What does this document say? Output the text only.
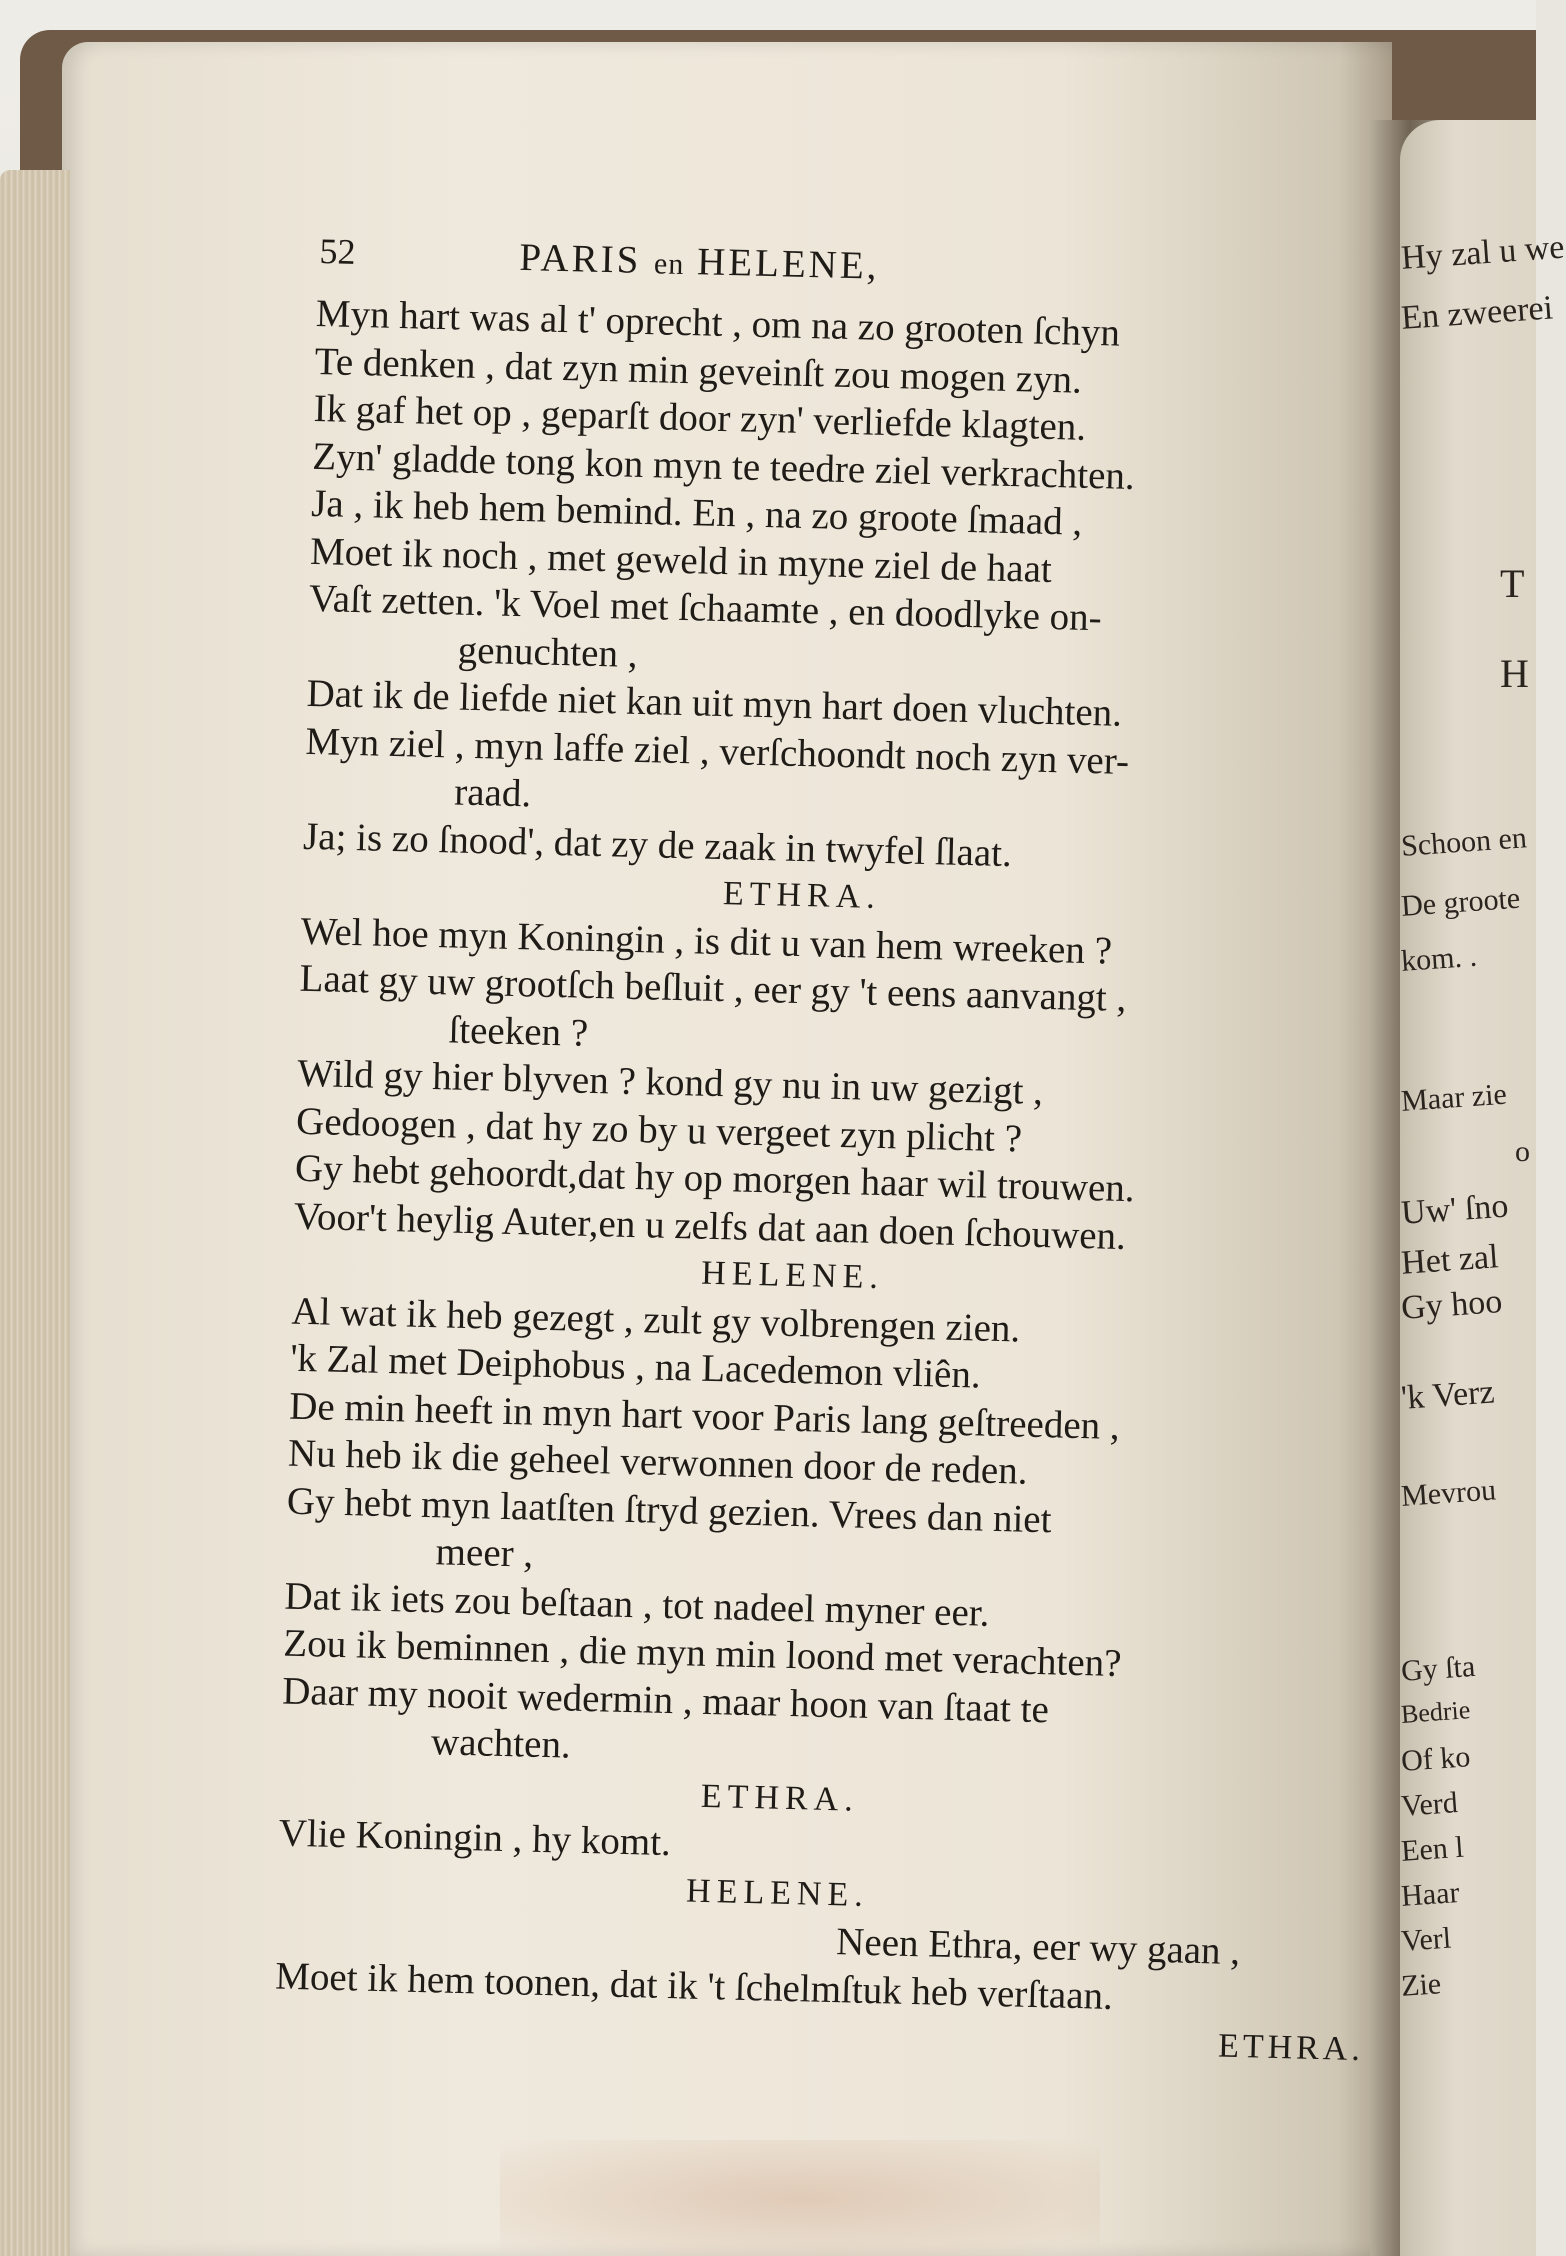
52	PARIS en HELENE,
Myn hart was al t' oprecht , om na zo grooten ſchyn
Te denken , dat zyn min geveinſt zou mogen zyn.
Ik gaf het op , geparſt door zyn' verliefde klagten.
Zyn' gladde tong kon myn te teedre ziel verkrachten.
Ja , ik heb hem bemind. En , na zo groote ſmaad ,
Moet ik noch , met geweld in myne ziel de haat
Vaſt zetten. 'k Voel met ſchaamte , en doodlyke on-
genuchten ,
Dat ik de liefde niet kan uit myn hart doen vluchten.
Myn ziel , myn laffe ziel , verſchoondt noch zyn ver-
raad.
Ja; is zo ſnood', dat zy de zaak in twyfel ſlaat.
ETHRA.
Wel hoe myn Koningin , is dit u van hem wreeken ?
Laat gy uw grootſch beſluit , eer gy 't eens aanvangt ,
ſteeken ?
Wild gy hier blyven ? kond gy nu in uw gezigt ,
Gedoogen , dat hy zo by u vergeet zyn plicht ?
Gy hebt gehoordt,dat hy op morgen haar wil trouwen.
Voor't heylig Auter,en u zelfs dat aan doen ſchouwen.
HELENE.
Al wat ik heb gezegt , zult gy volbrengen zien.
'k Zal met Deiphobus , na Lacedemon vliên.
De min heeft in myn hart voor Paris lang geſtreeden ,
Nu heb ik die geheel verwonnen door de reden.
Gy hebt myn laatſten ſtryd gezien. Vrees dan niet
meer ,
Dat ik iets zou beſtaan , tot nadeel myner eer.
Zou ik beminnen , die myn min loond met verachten?
Daar my nooit wedermin , maar hoon van ſtaat te
wachten.
ETHRA.
Vlie Koningin , hy komt.
HELENE.
Neen Ethra, eer wy gaan ,
Moet ik hem toonen, dat ik 't ſchelmſtuk heb verſtaan.
ETHRA.
Hy zal u we
En zweerei
T
H
Schoon en
De groote
kom. .
Maar zie
o
Uw' ſno
Het zal
Gy hoo
'k Verz
Mevrou
Gy ſta
Bedrie
Of ko
Verd
Een l
Haar
Verl
Zie
